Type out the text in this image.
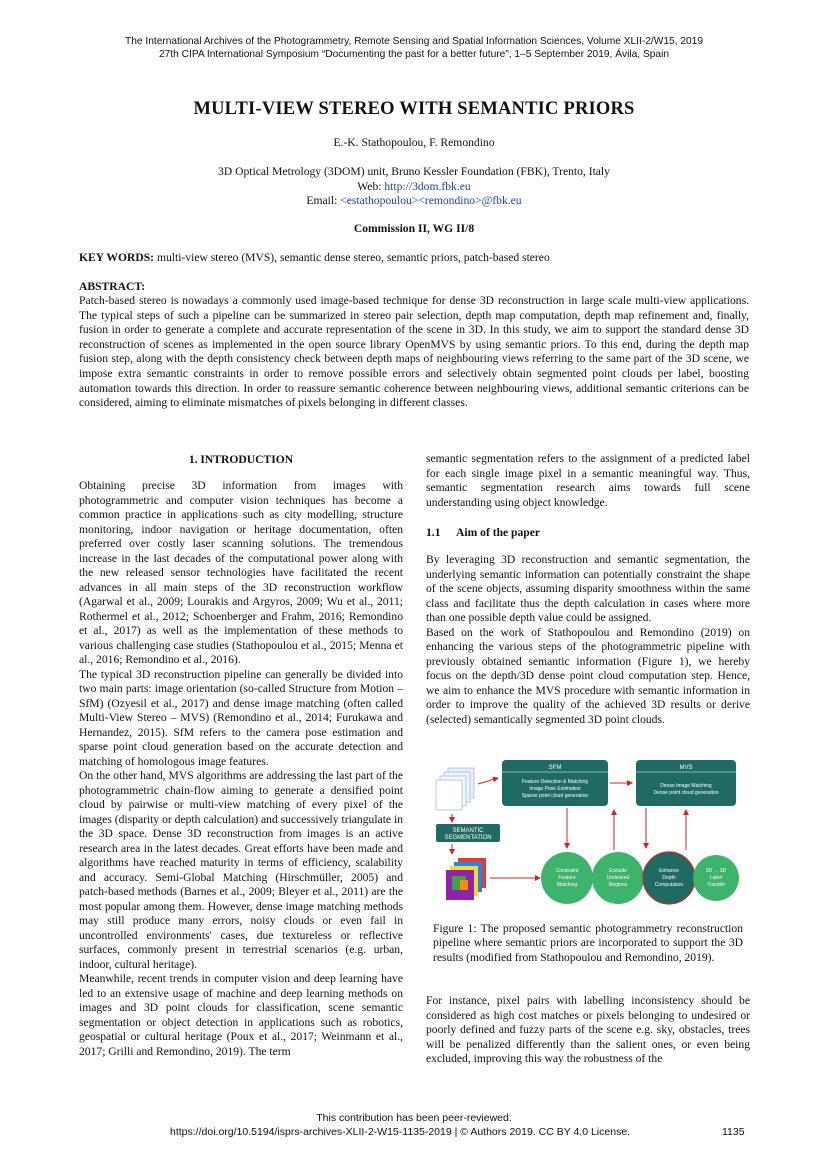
The International Archives of the Photogrammetry, Remote Sensing and Spatial Information Sciences, Volume XLII-2/W15, 2019
27th CIPA International Symposium “Documenting the past for a better future”, 1–5 September 2019, Ávila, Spain
MULTI-VIEW STEREO WITH SEMANTIC PRIORS
E.-K. Stathopoulou, F. Remondino
3D Optical Metrology (3DOM) unit, Bruno Kessler Foundation (FBK), Trento, Italy
Web: http://3dom.fbk.eu
Email: <estathopoulou><remondino>@fbk.eu
Commission II, WG II/8
KEY WORDS: multi-view stereo (MVS), semantic dense stereo, semantic priors, patch-based stereo
ABSTRACT:
Patch-based stereo is nowadays a commonly used image-based technique for dense 3D reconstruction in large scale multi-view applications. The typical steps of such a pipeline can be summarized in stereo pair selection, depth map computation, depth map refinement and, finally, fusion in order to generate a complete and accurate representation of the scene in 3D. In this study, we aim to support the standard dense 3D reconstruction of scenes as implemented in the open source library OpenMVS by using semantic priors. To this end, during the depth map fusion step, along with the depth consistency check between depth maps of neighbouring views referring to the same part of the 3D scene, we impose extra semantic constraints in order to remove possible errors and selectively obtain segmented point clouds per label, boosting automation towards this direction. In order to reassure semantic coherence between neighbouring views, additional semantic criterions can be considered, aiming to eliminate mismatches of pixels belonging in different classes.
1. INTRODUCTION

Obtaining precise 3D information from images with photogrammetric and computer vision techniques has become a common practice in applications such as city modelling, structure monitoring, indoor navigation or heritage documentation, often preferred over costly laser scanning solutions. The tremendous increase in the last decades of the computational power along with the new released sensor technologies have facilitated the recent advances in all main steps of the 3D reconstruction workflow (Agarwal et al., 2009; Lourakis and Argyros, 2009; Wu et al., 2011; Rothermel et al., 2012; Schoenberger and Frahm, 2016; Remondino et al., 2017) as well as the implementation of these methods to various challenging case studies (Stathopoulou et al., 2015; Menna et al., 2016; Remondino et al., 2016).

The typical 3D reconstruction pipeline can generally be divided into two main parts: image orientation (so-called Structure from Motion – SfM) (Ozyesil et al., 2017) and dense image matching (often called Multi-View Stereo – MVS) (Remondino et al., 2014; Furukawa and Hernandez, 2015). SfM refers to the camera pose estimation and sparse point cloud generation based on the accurate detection and matching of homologous image features.

On the other hand, MVS algorithms are addressing the last part of the photogrammetric chain-flow aiming to generate a densified point cloud by pairwise or multi-view matching of every pixel of the images (disparity or depth calculation) and successively triangulate in the 3D space. Dense 3D reconstruction from images is an active research area in the latest decades. Great efforts have been made and algorithms have reached maturity in terms of efficiency, scalability and accuracy. Semi-Global Matching (Hirschmüller, 2005) and patch-based methods (Barnes et al., 2009; Bleyer et al., 2011) are the most popular among them. However, dense image matching methods may still produce many errors, noisy clouds or even fail in uncontrolled environments' cases, due textureless or reflective surfaces, commonly present in terrestrial scenarios (e.g. urban, indoor, cultural heritage).

Meanwhile, recent trends in computer vision and deep learning have led to an extensive usage of machine and deep learning methods on images and 3D point clouds for classification, scene semantic segmentation or object detection in applications such as robotics, geospatial or cultural heritage (Poux et al., 2017; Weinmann et al., 2017; Grilli and Remondino, 2019). The term

semantic segmentation refers to the assignment of a predicted label for each single image pixel in a semantic meaningful way. Thus, semantic segmentation research aims towards full scene understanding using object knowledge.

1.1 Aim of the paper

By leveraging 3D reconstruction and semantic segmentation, the underlying semantic information can potentially constraint the shape of the scene objects, assuming disparity smoothness within the same class and facilitate thus the depth calculation in cases where more than one possible depth value could be assigned.

Based on the work of Stathopoulou and Remondino (2019) on enhancing the various steps of the photogrammetric pipeline with previously obtained semantic information (Figure 1), we hereby focus on the depth/3D dense point cloud computation step. Hence, we aim to enhance the MVS procedure with semantic information in order to improve the quality of the achieved 3D results or derive (selected) semantically segmented 3D point clouds.

SFM
Feature Detection & Matching
Image Pose Estimation
Sparse point cloud generation
MVS
Dense Image Matching
Dense point cloud generation
SEMANTIC
SEGMENTATION
Constraint
Feature
Matching
Exclude
Undesired
Regions
Enhance
Depth
Computation
2D → 3D
Label
Transfer
Figure 1: The proposed semantic photogrammetry reconstruction pipeline where semantic priors are incorporated to support the 3D results (modified from Stathopoulou and Remondino, 2019).

For instance, pixel pairs with labelling inconsistency should be considered as high cost matches or pixels belonging to undesired or poorly defined and fuzzy parts of the scene e.g. sky, obstacles, trees will be penalized differently than the salient ones, or even being excluded, improving this way the robustness of the

This contribution has been peer-reviewed.
https://doi.org/10.5194/isprs-archives-XLII-2-W15-1135-2019 | © Authors 2019. CC BY 4.0 License.	1135
